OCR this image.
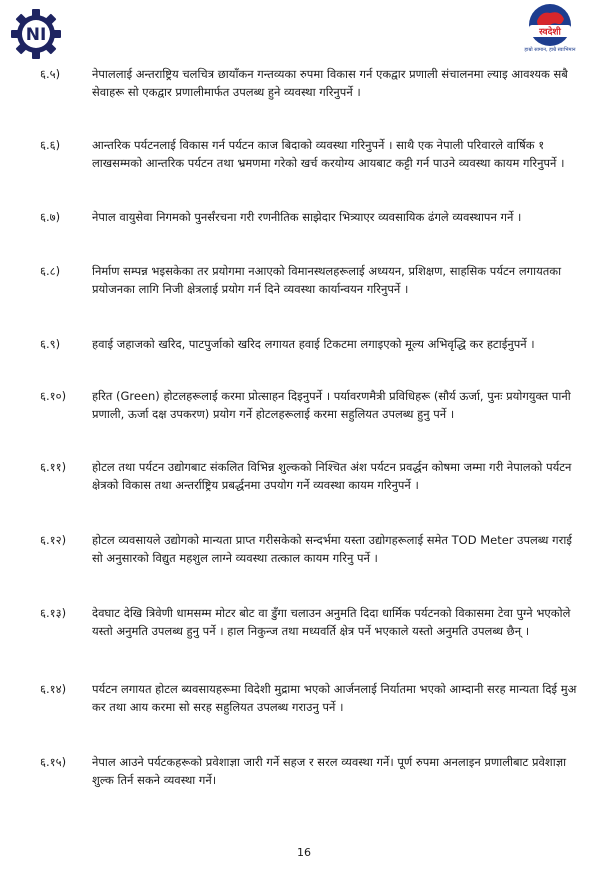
NI	स्वदेशी
हाम्रो सामान, हाम्रै स्वाभिमान
६.५)	नेपाललाई अन्तराष्ट्रिय चलचित्र छायाँकन गन्तव्यका रुपमा विकास गर्न एकद्वार प्रणाली संचालनमा ल्याइ आवश्यक सबै सेवाहरू सो एकद्वार प्रणालीमार्फत उपलब्ध हुने व्यवस्था गरिनुपर्ने ।
६.६)	आन्तरिक पर्यटनलाई विकास गर्न पर्यटन काज बिदाको व्यवस्था गरिनुपर्ने । साथै एक नेपाली परिवारले वार्षिक १ लाखसम्मको आन्तरिक पर्यटन तथा भ्रमणमा गरेको खर्च करयोग्य आयबाट कट्टी गर्न पाउने व्यवस्था कायम गरिनुपर्ने ।
६.७)	नेपाल वायुसेवा निगमको पुनर्संरचना गरी रणनीतिक साझेदार भित्र्याएर व्यवसायिक ढंगले व्यवस्थापन गर्ने ।
६.८)	निर्माण सम्पन्न भइसकेका तर प्रयोगमा नआएको विमानस्थलहरूलाई अध्ययन, प्रशिक्षण, साहसिक पर्यटन लगायतका प्रयोजनका लागि निजी क्षेत्रलाई प्रयोग गर्न दिने व्यवस्था कार्यान्वयन गरिनुपर्ने ।
६.९)	हवाई जहाजको खरिद, पाटपुर्जाको खरिद लगायत हवाई टिकटमा लगाइएको मूल्य अभिवृद्धि कर हटाईनुपर्ने ।
६.१०)	हरित (Green) होटलहरूलाई करमा प्रोत्साहन दिइनुपर्ने । पर्यावरणमैत्री प्रविधिहरू (सौर्य ऊर्जा, पुनः प्रयोगयुक्त पानी प्रणाली, ऊर्जा दक्ष उपकरण) प्रयोग गर्ने होटलहरूलाई करमा सहुलियत उपलब्ध हुनु पर्ने ।
६.११)	होटल तथा पर्यटन उद्योगबाट संकलित विभिन्न शुल्कको निश्चित अंश पर्यटन प्रवर्द्धन कोषमा जम्मा गरी नेपालको पर्यटन क्षेत्रको विकास तथा अन्तर्राष्ट्रिय प्रबर्द्धनमा उपयोग गर्ने व्यवस्था कायम गरिनुपर्ने ।
६.१२)	होटल व्यवसायले उद्योगको मान्यता प्राप्त गरीसकेको सन्दर्भमा यस्ता उद्योगहरूलाई समेत TOD Meter उपलब्ध गराई सो अनुसारको विद्युत महशुल लाग्ने व्यवस्था तत्काल कायम गरिनु पर्ने ।
६.१३)	देवघाट देखि त्रिवेणी धामसम्म मोटर बोट वा डुँगा चलाउन अनुमति दिदा धार्मिक पर्यटनको विकासमा टेवा पुग्ने भएकोले यस्तो अनुमति उपलब्ध हुनु पर्ने । हाल निकुन्ज तथा मध्यवर्ति क्षेत्र पर्ने भएकाले यस्तो अनुमति उपलब्ध छैन् ।
६.१४)	पर्यटन लगायत होटल ब्यवसायहरूमा विदेशी मुद्रामा भएको आर्जनलाई निर्यातमा भएको आम्दानी सरह मान्यता दिई मुअ कर तथा आय करमा सो सरह सहुलियत उपलब्ध गराउनु पर्ने ।
६.१५)	नेपाल आउने पर्यटकहरूको प्रवेशाज्ञा जारी गर्ने सहज र सरल व्यवस्था गर्ने। पूर्ण रुपमा अनलाइन प्रणालीबाट प्रवेशाज्ञा शुल्क तिर्न सकने व्यवस्था गर्ने।
16
